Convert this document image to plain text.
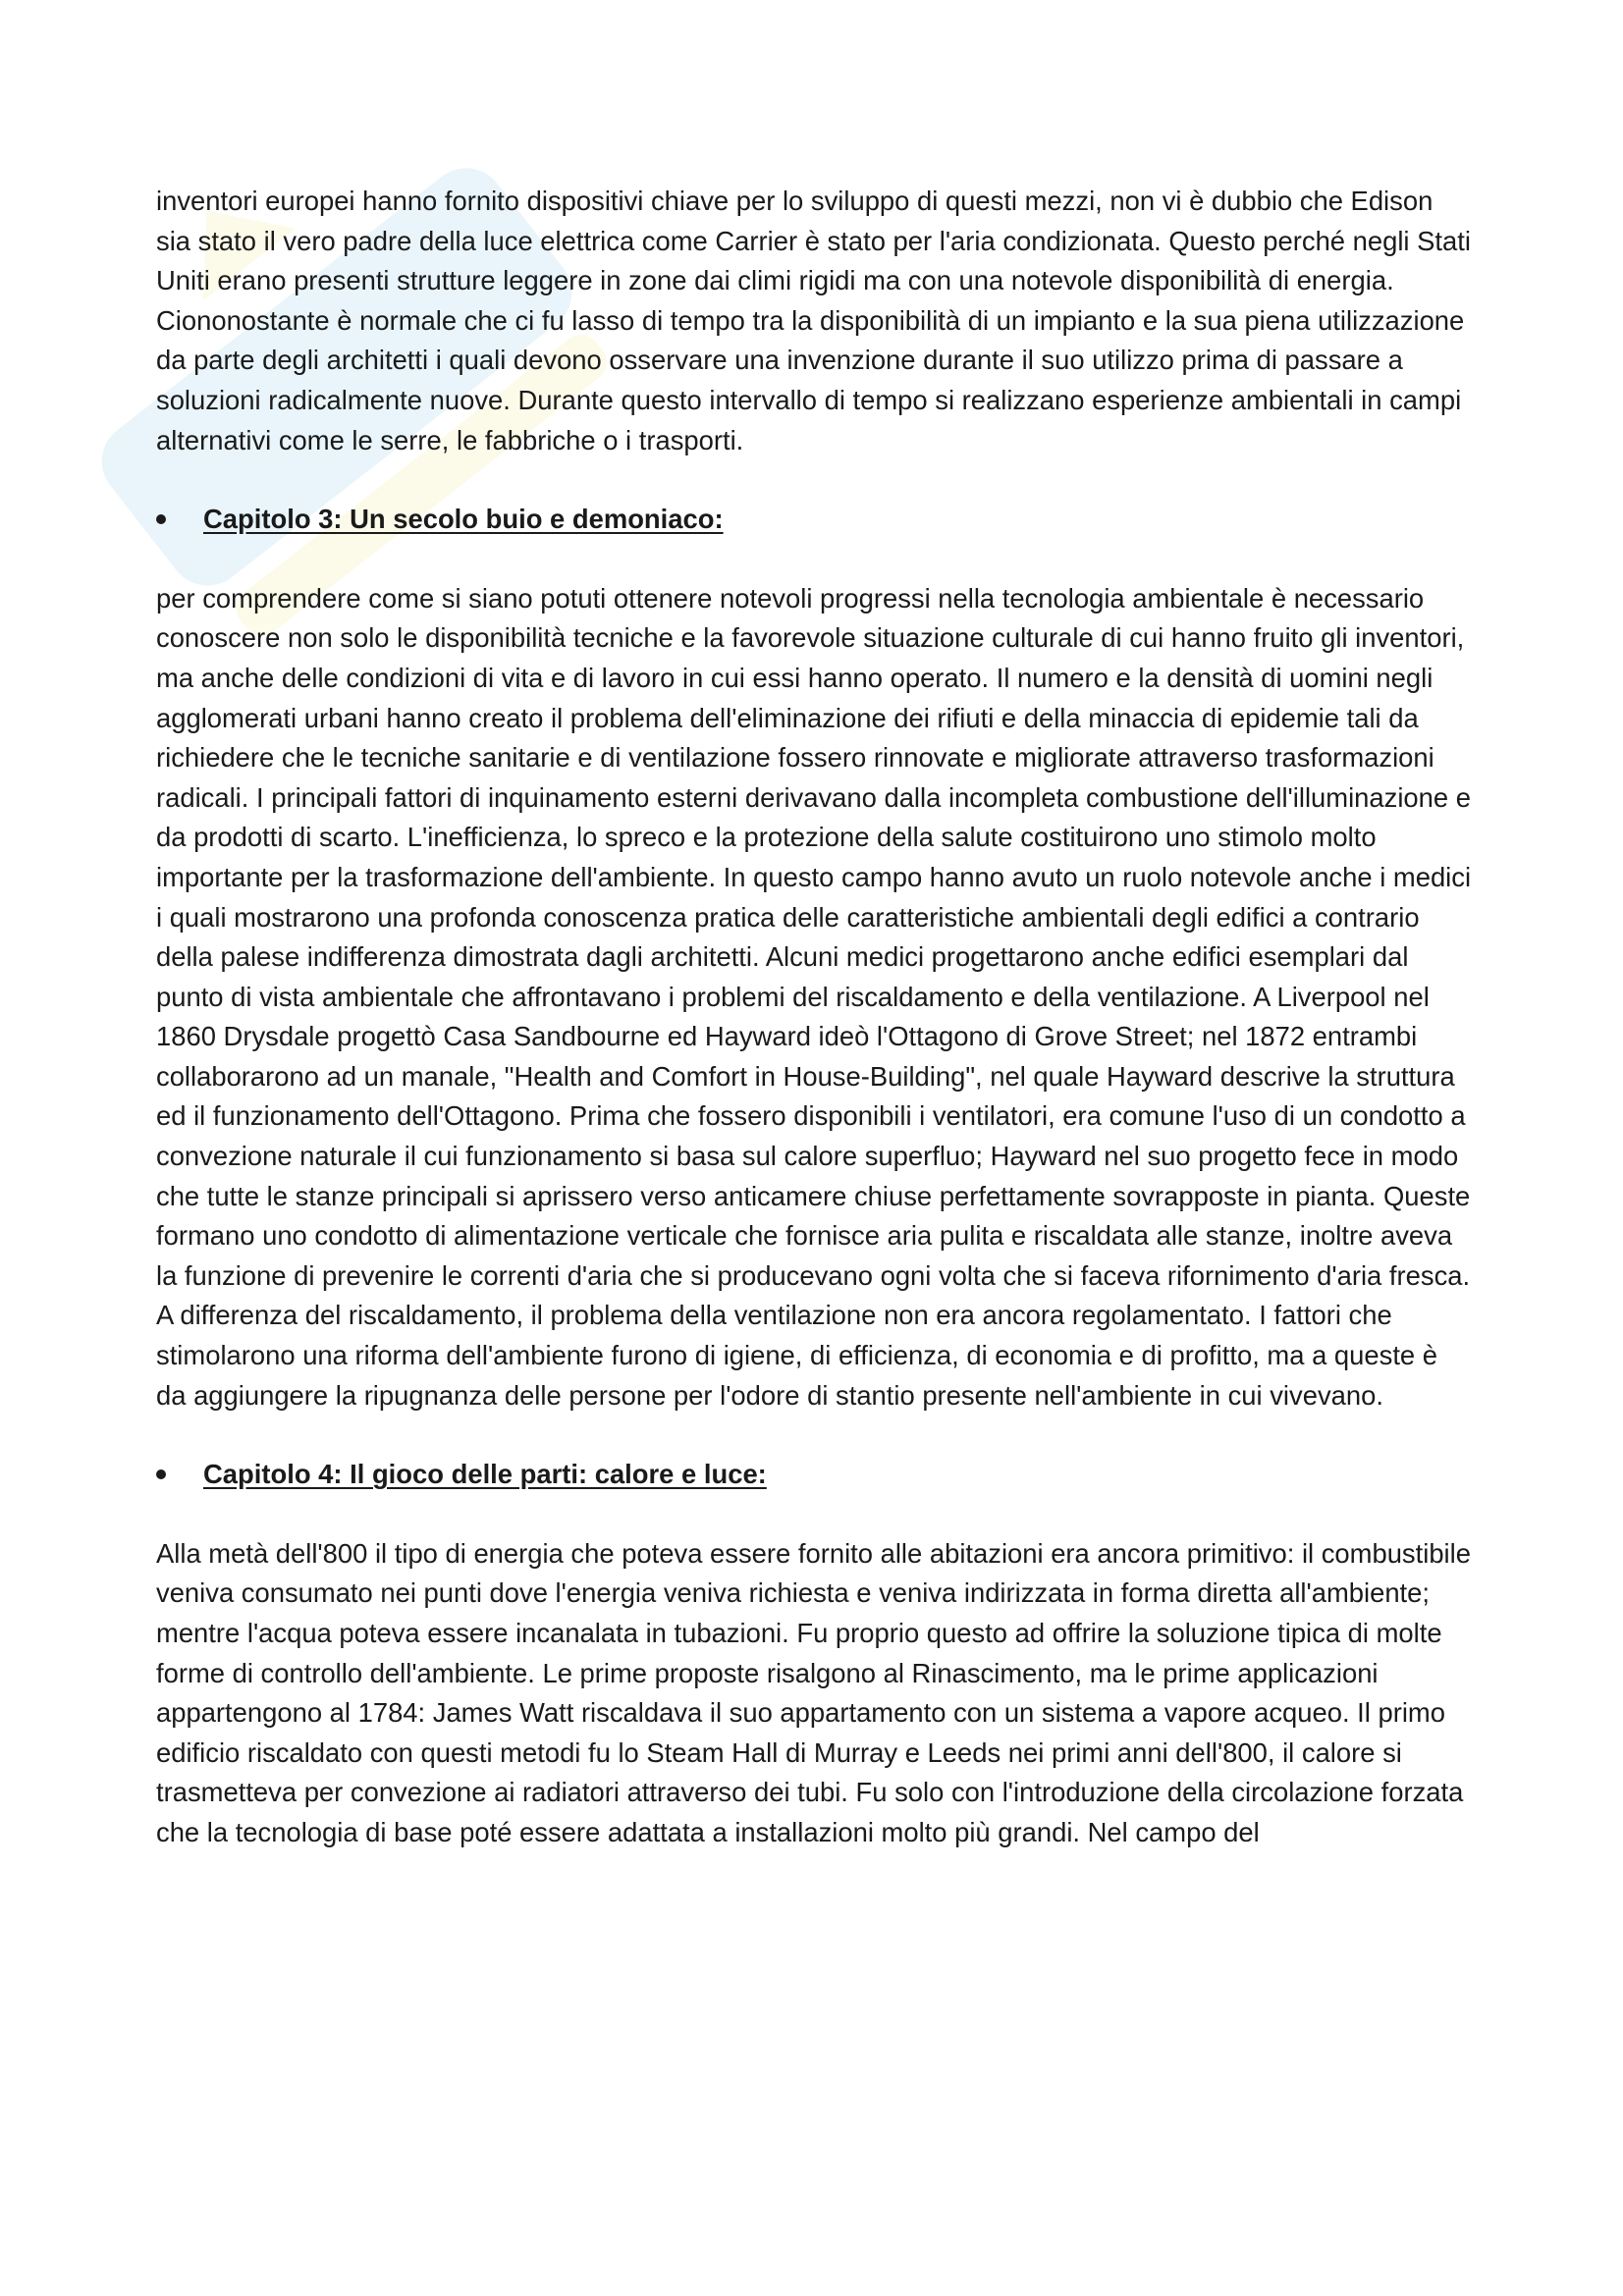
inventori europei hanno fornito dispositivi chiave per lo sviluppo di questi mezzi, non vi è dubbio che Edison sia stato il vero padre della luce elettrica come Carrier è stato per l'aria condizionata. Questo perché negli Stati Uniti erano presenti strutture leggere in zone dai climi rigidi ma con una notevole disponibilità di energia. Ciononostante è normale che ci fu lasso di tempo tra la disponibilità di un impianto e la sua piena utilizzazione da parte degli architetti i quali devono osservare una invenzione durante il suo utilizzo prima di passare a soluzioni radicalmente nuove. Durante questo intervallo di tempo si realizzano esperienze ambientali in campi alternativi come le serre, le fabbriche o i trasporti.

Capitolo 3: Un secolo buio e demoniaco:

per comprendere come si siano potuti ottenere notevoli progressi nella tecnologia ambientale è necessario conoscere non solo le disponibilità tecniche e la favorevole situazione culturale di cui hanno fruito gli inventori, ma anche delle condizioni di vita e di lavoro in cui essi hanno operato. Il numero e la densità di uomini negli agglomerati urbani hanno creato il problema dell'eliminazione dei rifiuti e della minaccia di epidemie tali da richiedere che le tecniche sanitarie e di ventilazione fossero rinnovate e migliorate attraverso trasformazioni radicali. I principali fattori di inquinamento esterni derivavano dalla incompleta combustione dell'illuminazione e da prodotti di scarto. L'inefficienza, lo spreco e la protezione della salute costituirono uno stimolo molto importante per la trasformazione dell'ambiente. In questo campo hanno avuto un ruolo notevole anche i medici i quali mostrarono una profonda conoscenza pratica delle caratteristiche ambientali degli edifici a contrario della palese indifferenza dimostrata dagli architetti. Alcuni medici progettarono anche edifici esemplari dal punto di vista ambientale che affrontavano i problemi del riscaldamento e della ventilazione. A Liverpool nel 1860 Drysdale progettò Casa Sandbourne ed Hayward ideò l'Ottagono di Grove Street; nel 1872 entrambi collaborarono ad un manale, "Health and Comfort in House-Building", nel quale Hayward descrive la struttura ed il funzionamento dell'Ottagono. Prima che fossero disponibili i ventilatori, era comune l'uso di un condotto a convezione naturale il cui funzionamento si basa sul calore superfluo; Hayward nel suo progetto fece in modo che tutte le stanze principali si aprissero verso anticamere chiuse perfettamente sovrapposte in pianta. Queste formano uno condotto di alimentazione verticale che fornisce aria pulita e riscaldata alle stanze, inoltre aveva la funzione di prevenire le correnti d'aria che si producevano ogni volta che si faceva rifornimento d'aria fresca. A differenza del riscaldamento, il problema della ventilazione non era ancora regolamentato. I fattori che stimolarono una riforma dell'ambiente furono di igiene, di efficienza, di economia e di profitto, ma a queste è da aggiungere la ripugnanza delle persone per l'odore di stantio presente nell'ambiente in cui vivevano.

Capitolo 4: Il gioco delle parti: calore e luce:

Alla metà dell'800 il tipo di energia che poteva essere fornito alle abitazioni era ancora primitivo: il combustibile veniva consumato nei punti dove l'energia veniva richiesta e veniva indirizzata in forma diretta all'ambiente; mentre l'acqua poteva essere incanalata in tubazioni. Fu proprio questo ad offrire la soluzione tipica di molte forme di controllo dell'ambiente. Le prime proposte risalgono al Rinascimento, ma le prime applicazioni appartengono al 1784: James Watt riscaldava il suo appartamento con un sistema a vapore acqueo. Il primo edificio riscaldato con questi metodi fu lo Steam Hall di Murray e Leeds nei primi anni dell'800, il calore si trasmetteva per convezione ai radiatori attraverso dei tubi. Fu solo con l'introduzione della circolazione forzata che la tecnologia di base poté essere adattata a installazioni molto più grandi. Nel campo del
